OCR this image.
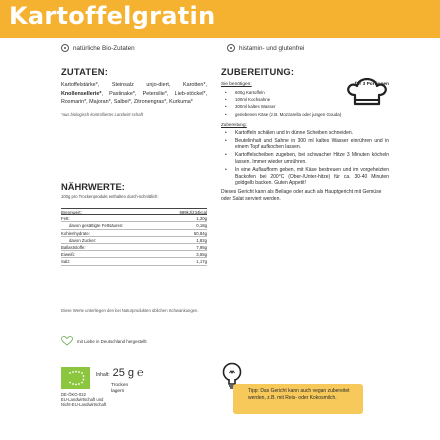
Kartoffelgratin
natürliche Bio-Zutaten	histamin- und glutenfrei
ZUTATEN:
Kartoffelstärke*, Steinsalz unjo-diert, Karotten*, Knollensellerie*, Pastinake*, Petersilie*, Lieb-stöckel*, Rosmarin*, Majoran*, Salbei*, Zitronengras*, Kurkuma*
*aus biologisch kontrollierter Landwirt-schaft
NÄHRWERTE:
100g pro Trockenprodukt enthalten durch-schnittlich:
Brennwert:	989kJ/234kcal
Fett:	1,20g
davon gesättigte Fettsäuren:	0,18g
Kohlenhydrate:	50,84g
davon Zucker:	1,82g
Ballaststoffe:	7,95g
Eiweiß:	3,55g
Salz:	1,17g
Diese Werte unterliegen den bei Naturprodukten üblichen Schwankungen.
mit Liebe in Deutschland hergestellt
Inhalt: 25 g ℮
Trocken
lagern
DE-ÖKO-022
EU-Landwirtschaft und
Nicht-EU-Landwirtschaft
ZUBEREITUNG:
Sie benötigen:	für 3 Portionen
• 600g Kartoffeln
• 100ml Kochsahne
• 300ml kaltes Wasser
• geriebenen Käse (z.B. Mozzarella oder jungen Gouda)
Zubereitung:
• Kartoffeln schälen und in dünne Scheiben schneiden.
• Beutelinhalt und Sahne in 300 ml kaltes Wasser einrühren und in einem Topf aufkochen lassen.
• Kartoffelscheiben zugeben, bei schwacher Hitze 3 Minuten köcheln lassen. Immer wieder umrühren.
• In eine Auflaufform geben, mit Käse bestreuen und im vorgeheizten Backofen bei 200°C (Ober-/Unter-hitze) für ca. 30-40 Minuten goldgelb backen. Guten Appetit!
Dieses Gericht kann als Beilage oder auch als Hauptgericht mit Gemüse oder Salat serviert werden.
Tipp: Das Gericht kann auch vegan zubereitet werden, z.B. mit Reis- oder Kokosmilch.
